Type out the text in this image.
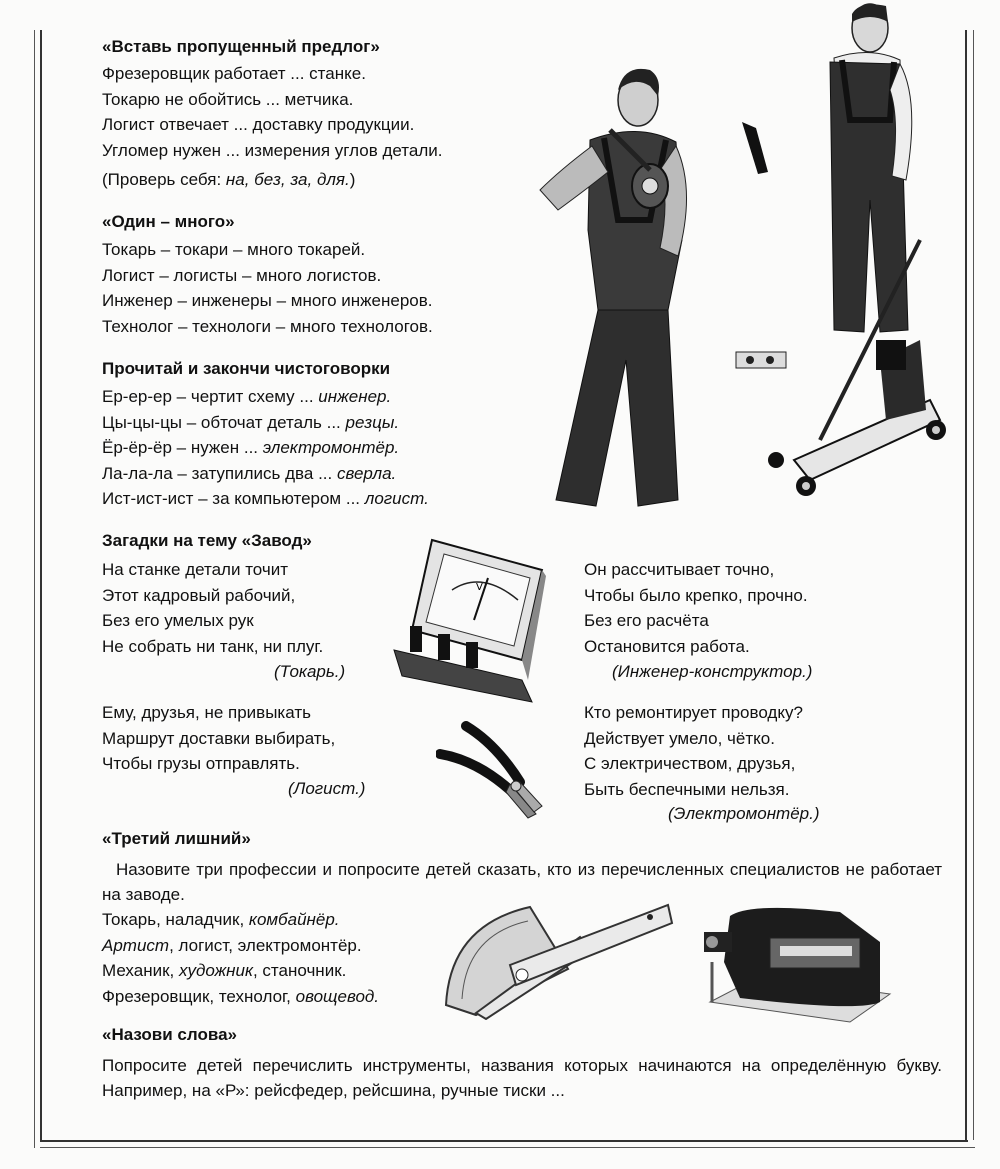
«Вставь пропущенный предлог»
Фрезеровщик работает ... станке.
Токарю не обойтись ... метчика.
Логист отвечает ... доставку продукции.
Угломер нужен ... измерения углов детали.
(Проверь себя: на, без, за, для.)
«Один – много»
Токарь – токари – много токарей.
Логист – логисты – много логистов.
Инженер – инженеры – много инженеров.
Технолог – технологи – много технологов.
Прочитай и закончи чистоговорки
Ер-ер-ер – чертит схему ... инженер.
Цы-цы-цы – обточат деталь ... резцы.
Ёр-ёр-ёр – нужен ... электромонтёр.
Ла-ла-ла – затупились два ... сверла.
Ист-ист-ист – за компьютером ... логист.
Загадки на тему «Завод»
На станке детали точит
Этот кадровый рабочий,
Без его умелых рук
Не собрать ни танк, ни плуг.
(Токарь.)
Он рассчитывает точно,
Чтобы было крепко, прочно.
Без его расчёта
Остановится работа.
(Инженер-конструктор.)
Ему, друзья, не привыкать
Маршрут доставки выбирать,
Чтобы грузы отправлять.
(Логист.)
Кто ремонтирует проводку?
Действует умело, чётко.
С электричеством, друзья,
Быть беспечными нельзя.
(Электромонтёр.)
«Третий лишний»
Назовите три профессии и попросите детей сказать, кто из перечисленных специалистов не работает на заводе.
Токарь, наладчик, комбайнёр.
Артист, логист, электромонтёр.
Механик, художник, станочник.
Фрезеровщик, технолог, овощевод.
«Назови слова»
Попросите детей перечислить инструменты, названия которых начинаются на определённую букву. Например, на «Р»: рейсфедер, рейсшина, ручные тиски ...
V
